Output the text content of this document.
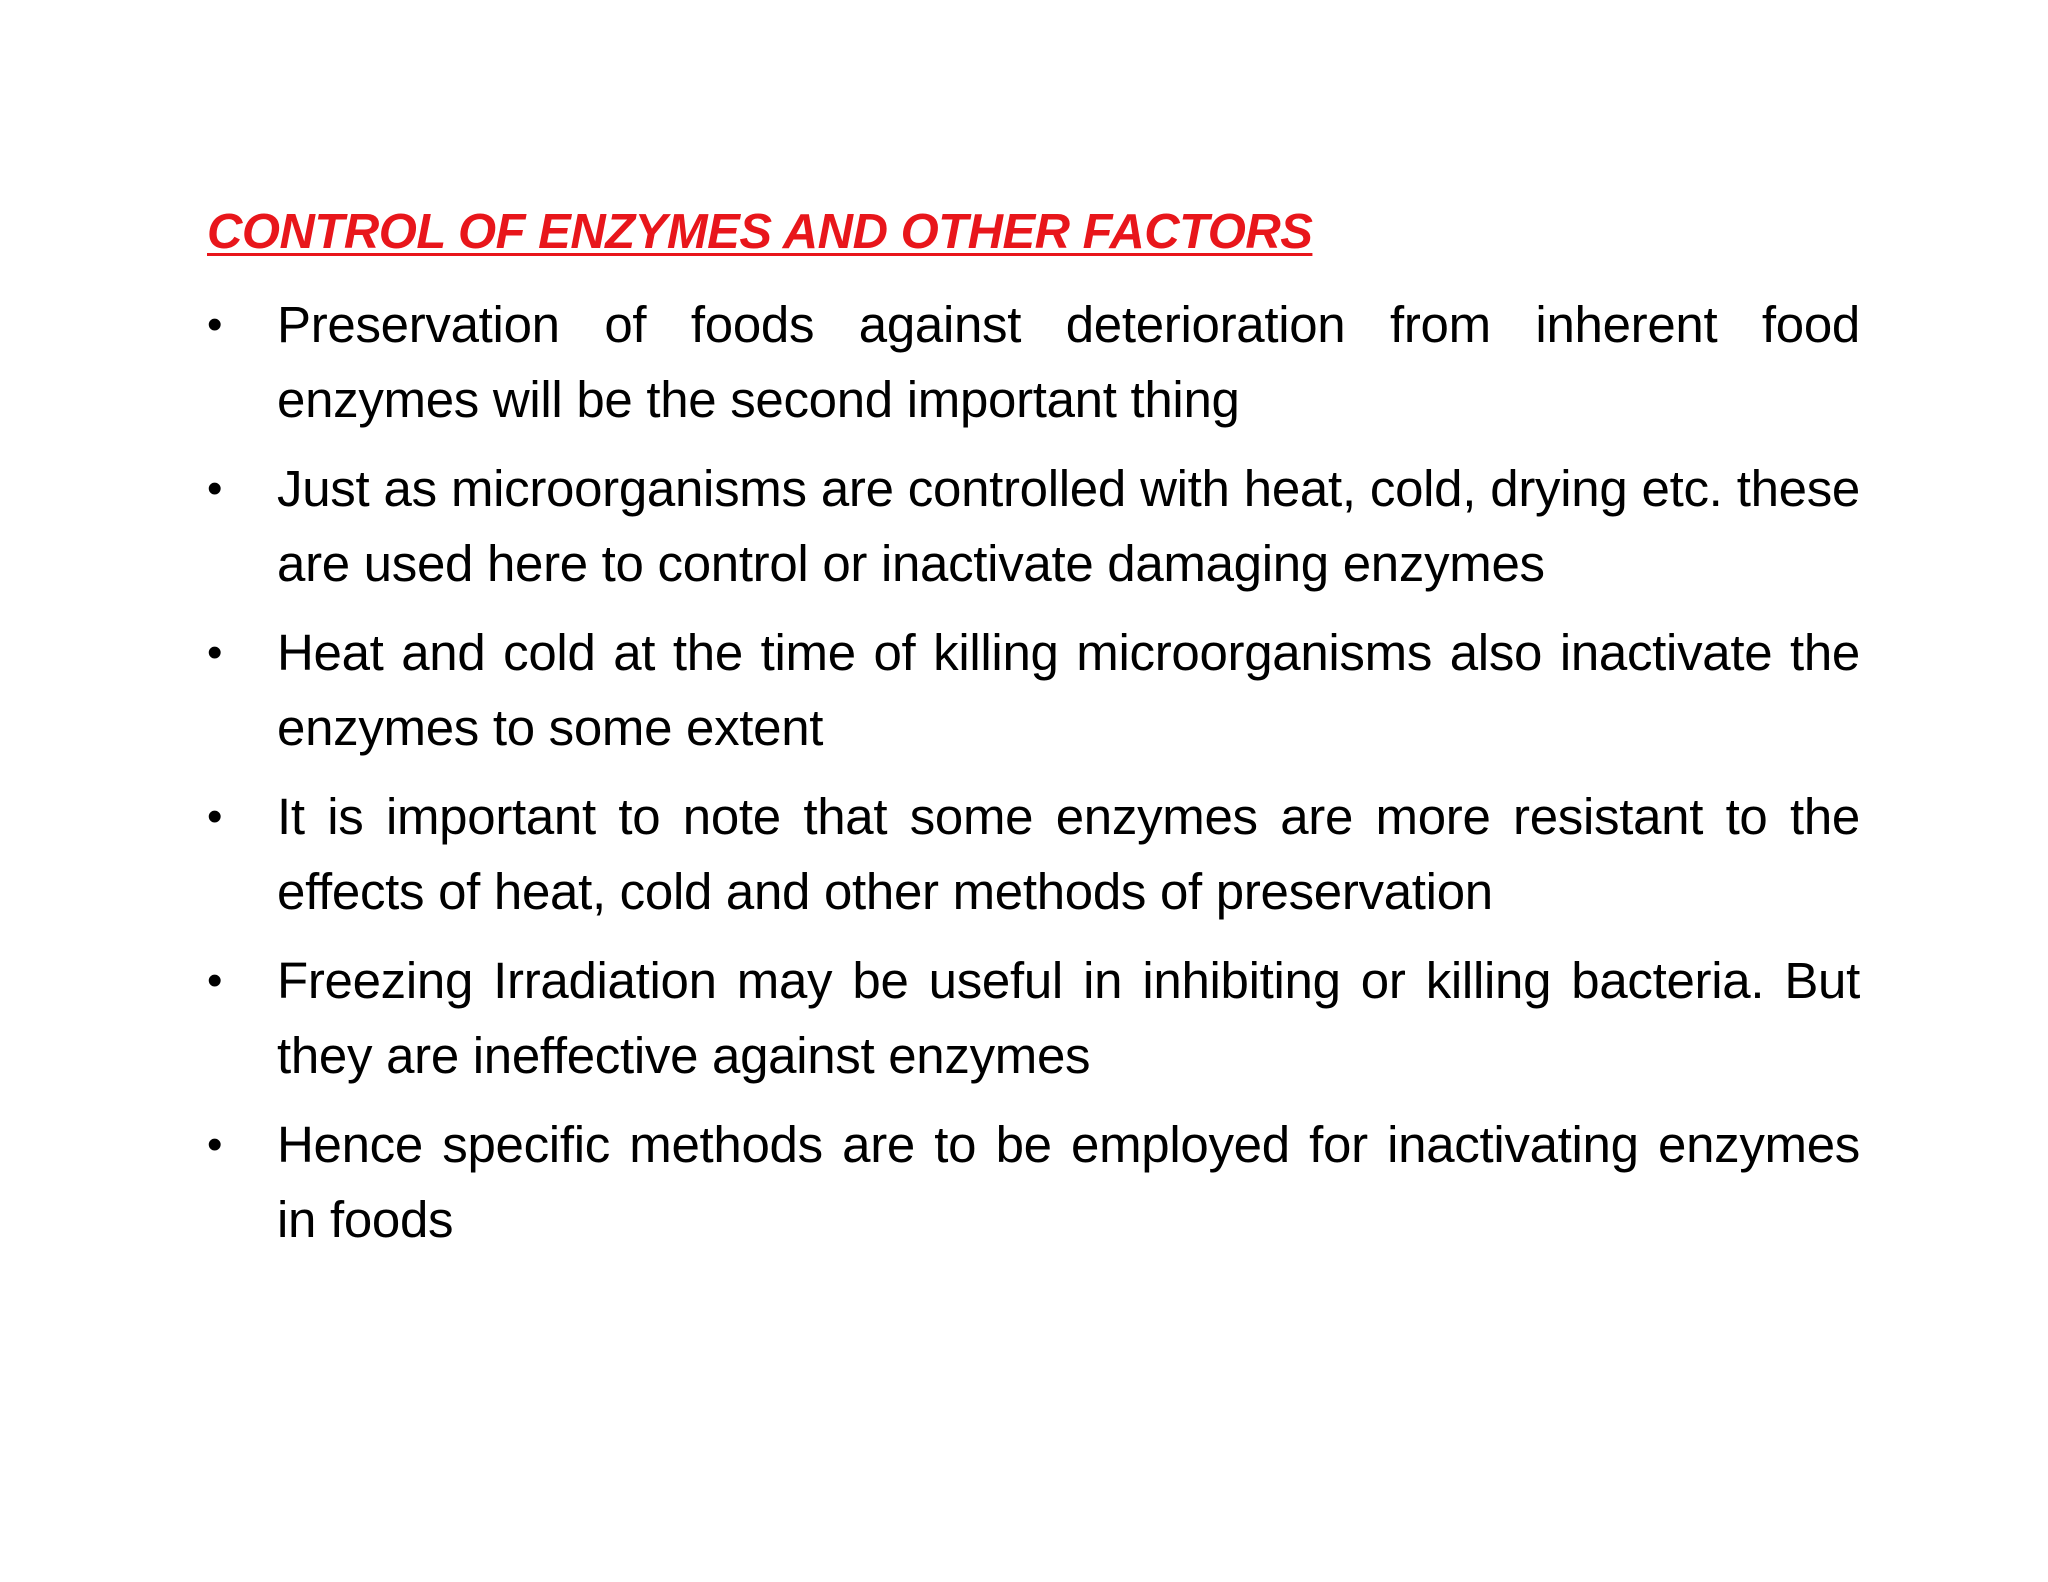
CONTROL OF ENZYMES AND OTHER FACTORS
• Preservation of foods against deterioration from inherent food enzymes will be the second important thing
• Just as microorganisms are controlled with heat, cold, drying etc. these are used here to control or inactivate damaging enzymes
• Heat and cold at the time of killing microorganisms also inactivate the enzymes to some extent
• It is important to note that some enzymes are more resistant to the effects of heat, cold and other methods of preservation
• Freezing Irradiation may be useful in inhibiting or killing bacteria. But they are ineffective against enzymes
• Hence specific methods are to be employed for inactivating enzymes in foods
